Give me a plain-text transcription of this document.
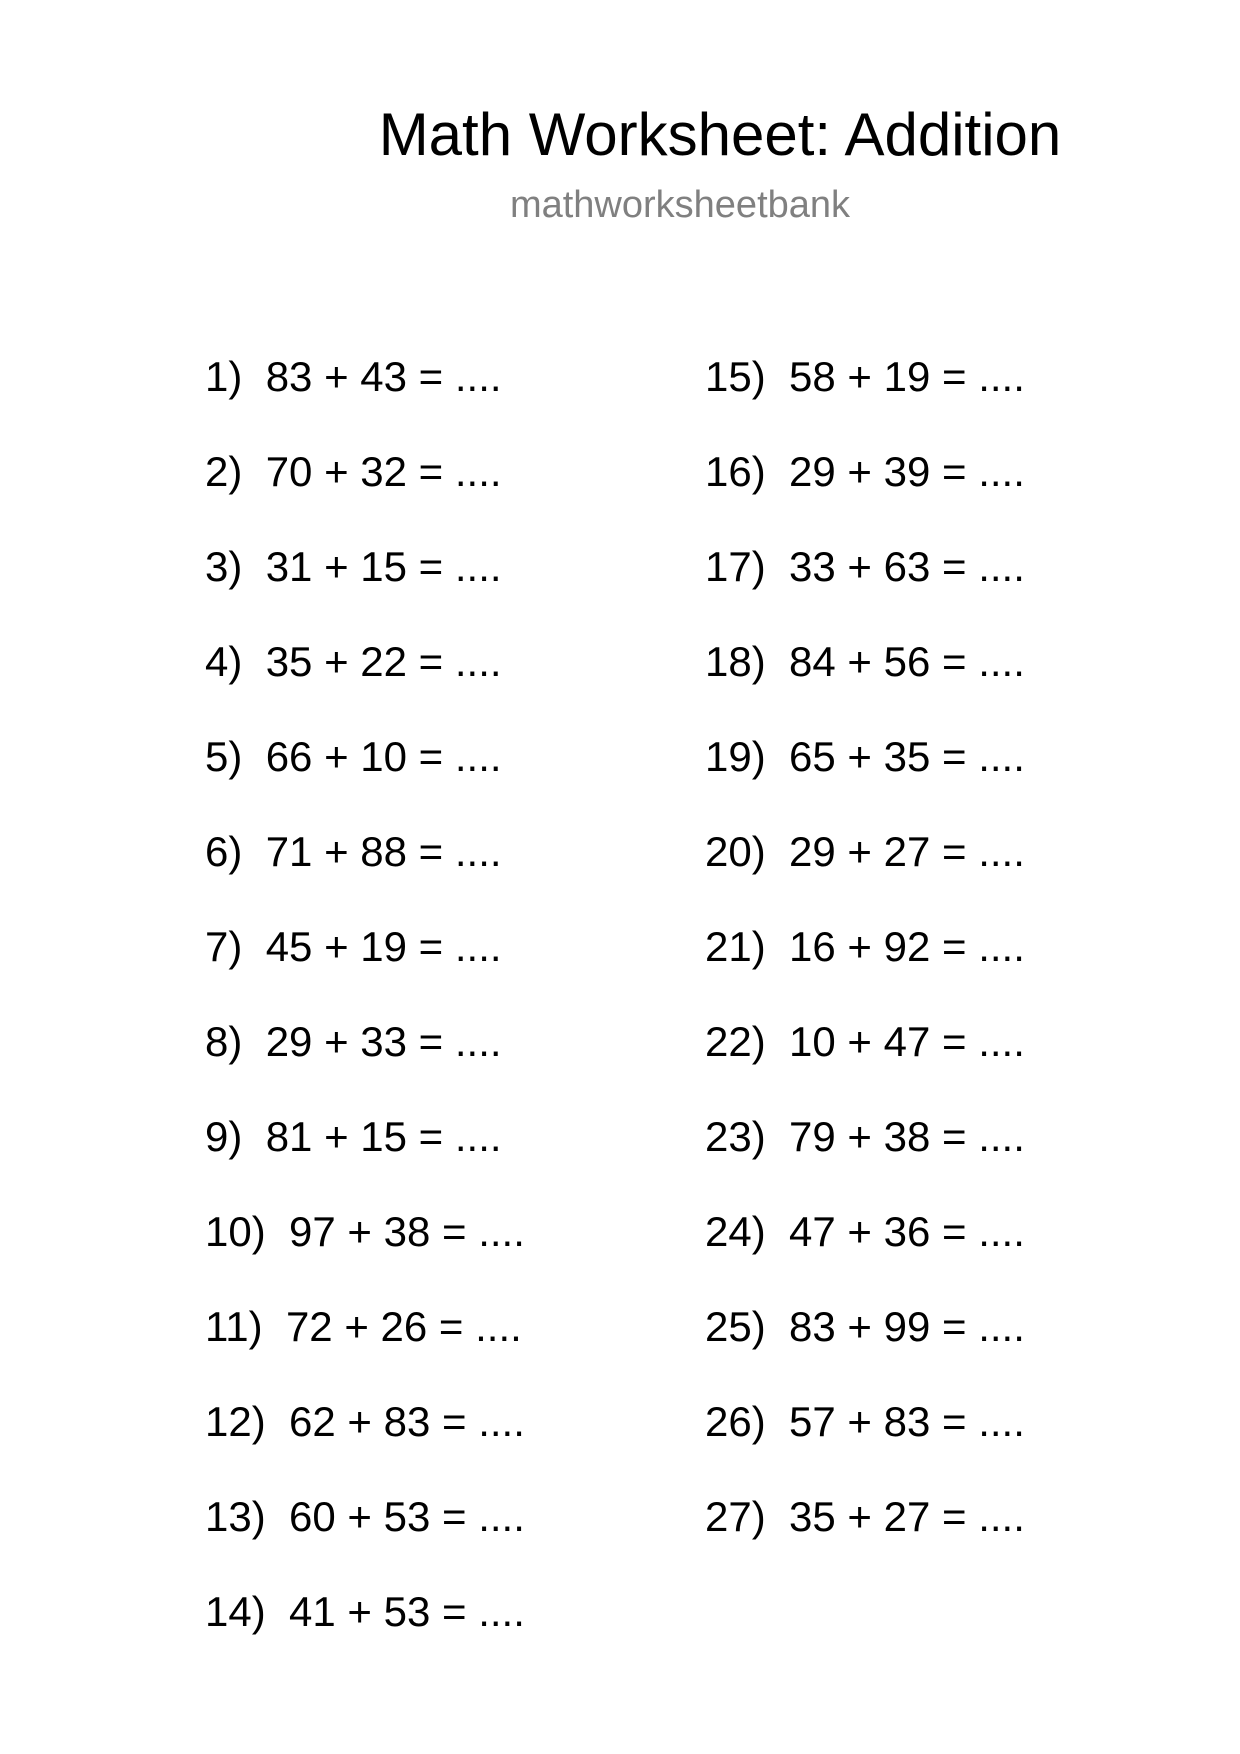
Math Worksheet: Addition
mathworksheetbank
1) 83 + 43 = ....
2) 70 + 32 = ....
3) 31 + 15 = ....
4) 35 + 22 = ....
5) 66 + 10 = ....
6) 71 + 88 = ....
7) 45 + 19 = ....
8) 29 + 33 = ....
9) 81 + 15 = ....
10) 97 + 38 = ....
11) 72 + 26 = ....
12) 62 + 83 = ....
13) 60 + 53 = ....
14) 41 + 53 = ....
15) 58 + 19 = ....
16) 29 + 39 = ....
17) 33 + 63 = ....
18) 84 + 56 = ....
19) 65 + 35 = ....
20) 29 + 27 = ....
21) 16 + 92 = ....
22) 10 + 47 = ....
23) 79 + 38 = ....
24) 47 + 36 = ....
25) 83 + 99 = ....
26) 57 + 83 = ....
27) 35 + 27 = ....
